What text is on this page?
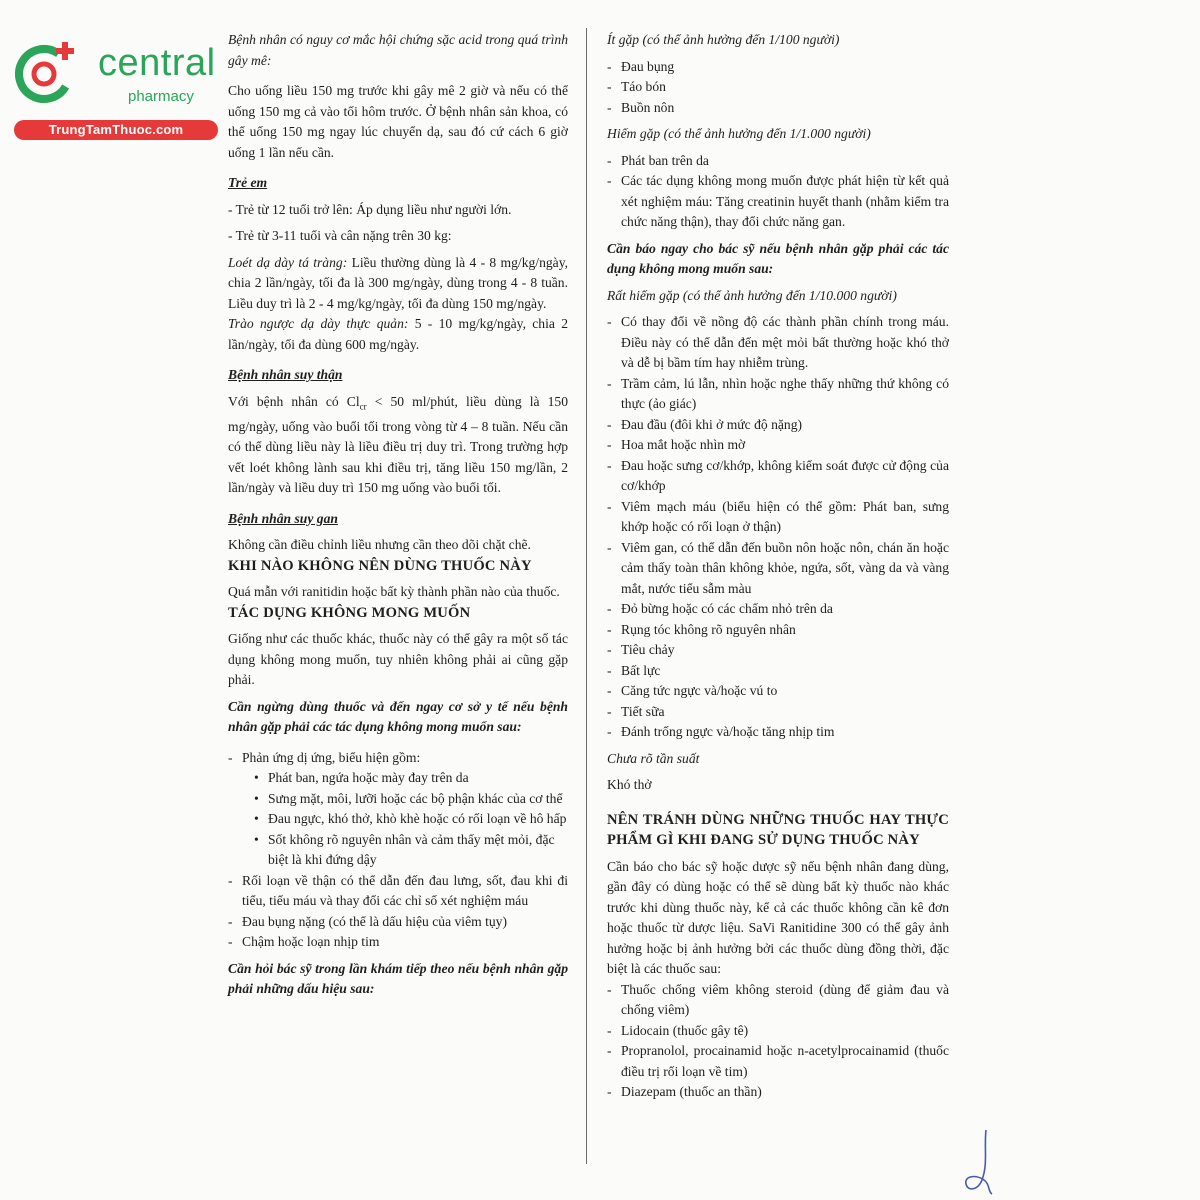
central
pharmacy
TrungTamThuoc.com

Bệnh nhân có nguy cơ mắc hội chứng sặc acid trong quá trình gây mê:

Cho uống liều 150 mg trước khi gây mê 2 giờ và nếu có thể uống 150 mg cả vào tối hôm trước. Ở bệnh nhân sản khoa, có thể uống 150 mg ngay lúc chuyển dạ, sau đó cứ cách 6 giờ uống 1 lần nếu cần.

Trẻ em

- Trẻ từ 12 tuổi trở lên: Áp dụng liều như người lớn.

- Trẻ từ 3-11 tuổi và cân nặng trên 30 kg:

Loét dạ dày tá tràng: Liều thường dùng là 4 - 8 mg/kg/ngày, chia 2 lần/ngày, tối đa là 300 mg/ngày, dùng trong 4 - 8 tuần. Liều duy trì là 2 - 4 mg/kg/ngày, tối đa dùng 150 mg/ngày.

Trào ngược dạ dày thực quản: 5 - 10 mg/kg/ngày, chia 2 lần/ngày, tối đa dùng 600 mg/ngày.

Bệnh nhân suy thận

Với bệnh nhân có $Cl_{cr} < 50$ ml/phút, liều dùng là 150 mg/ngày, uống vào buổi tối trong vòng từ 4 – 8 tuần. Nếu cần có thể dùng liều này là liều điều trị duy trì. Trong trường hợp vết loét không lành sau khi điều trị, tăng liều 150 mg/lần, 2 lần/ngày và liều duy trì 150 mg uống vào buổi tối.

Bệnh nhân suy gan

Không cần điều chỉnh liều nhưng cần theo dõi chặt chẽ.

KHI NÀO KHÔNG NÊN DÙNG THUỐC NÀY

Quá mẫn với ranitidin hoặc bất kỳ thành phần nào của thuốc.

TÁC DỤNG KHÔNG MONG MUỐN

Giống như các thuốc khác, thuốc này có thể gây ra một số tác dụng không mong muốn, tuy nhiên không phải ai cũng gặp phải.

Cần ngừng dùng thuốc và đến ngay cơ sở y tế nếu bệnh nhân gặp phải các tác dụng không mong muốn sau:

- Phản ứng dị ứng, biểu hiện gồm:
• Phát ban, ngứa hoặc mày đay trên da
• Sưng mặt, môi, lưỡi hoặc các bộ phận khác của cơ thể
• Đau ngực, khó thở, khò khè hoặc có rối loạn về hô hấp
• Sốt không rõ nguyên nhân và cảm thấy mệt mỏi, đặc biệt là khi đứng dậy
- Rối loạn về thận có thể dẫn đến đau lưng, sốt, đau khi đi tiểu, tiểu máu và thay đổi các chỉ số xét nghiệm máu
- Đau bụng nặng (có thể là dấu hiệu của viêm tụy)
- Chậm hoặc loạn nhịp tim

Cần hỏi bác sỹ trong lần khám tiếp theo nếu bệnh nhân gặp phải những dấu hiệu sau:

Ít gặp (có thể ảnh hưởng đến 1/100 người)

- Đau bụng
- Táo bón
- Buồn nôn

Hiếm gặp (có thể ảnh hưởng đến 1/1.000 người)

- Phát ban trên da
- Các tác dụng không mong muốn được phát hiện từ kết quả xét nghiệm máu: Tăng creatinin huyết thanh (nhằm kiểm tra chức năng thận), thay đổi chức năng gan.

Cần báo ngay cho bác sỹ nếu bệnh nhân gặp phải các tác dụng không mong muốn sau:

Rất hiếm gặp (có thể ảnh hưởng đến 1/10.000 người)

- Có thay đổi về nồng độ các thành phần chính trong máu. Điều này có thể dẫn đến mệt mỏi bất thường hoặc khó thở và dễ bị bầm tím hay nhiễm trùng.
- Trầm cảm, lú lẫn, nhìn hoặc nghe thấy những thứ không có thực (ảo giác)
- Đau đầu (đôi khi ở mức độ nặng)
- Hoa mắt hoặc nhìn mờ
- Đau hoặc sưng cơ/khớp, không kiểm soát được cử động của cơ/khớp
- Viêm mạch máu (biểu hiện có thể gồm: Phát ban, sưng khớp hoặc có rối loạn ở thận)
- Viêm gan, có thể dẫn đến buồn nôn hoặc nôn, chán ăn hoặc cảm thấy toàn thân không khỏe, ngứa, sốt, vàng da và vàng mắt, nước tiểu sẫm màu
- Đỏ bừng hoặc có các chấm nhỏ trên da
- Rụng tóc không rõ nguyên nhân
- Tiêu chảy
- Bất lực
- Căng tức ngực và/hoặc vú to
- Tiết sữa
- Đánh trống ngực và/hoặc tăng nhịp tim

Chưa rõ tần suất

Khó thở

NÊN TRÁNH DÙNG NHỮNG THUỐC HAY THỰC PHẨM GÌ KHI ĐANG SỬ DỤNG THUỐC NÀY

Cần báo cho bác sỹ hoặc dược sỹ nếu bệnh nhân đang dùng, gần đây có dùng hoặc có thể sẽ dùng bất kỳ thuốc nào khác trước khi dùng thuốc này, kể cả các thuốc không cần kê đơn hoặc thuốc từ dược liệu. SaVi Ranitidine 300 có thể gây ảnh hưởng hoặc bị ảnh hưởng bởi các thuốc dùng đồng thời, đặc biệt là các thuốc sau:

- Thuốc chống viêm không steroid (dùng để giảm đau và chống viêm)
- Lidocain (thuốc gây tê)
- Propranolol, procainamid hoặc n-acetylprocainamid (thuốc điều trị rối loạn về tim)
- Diazepam (thuốc an thần)
